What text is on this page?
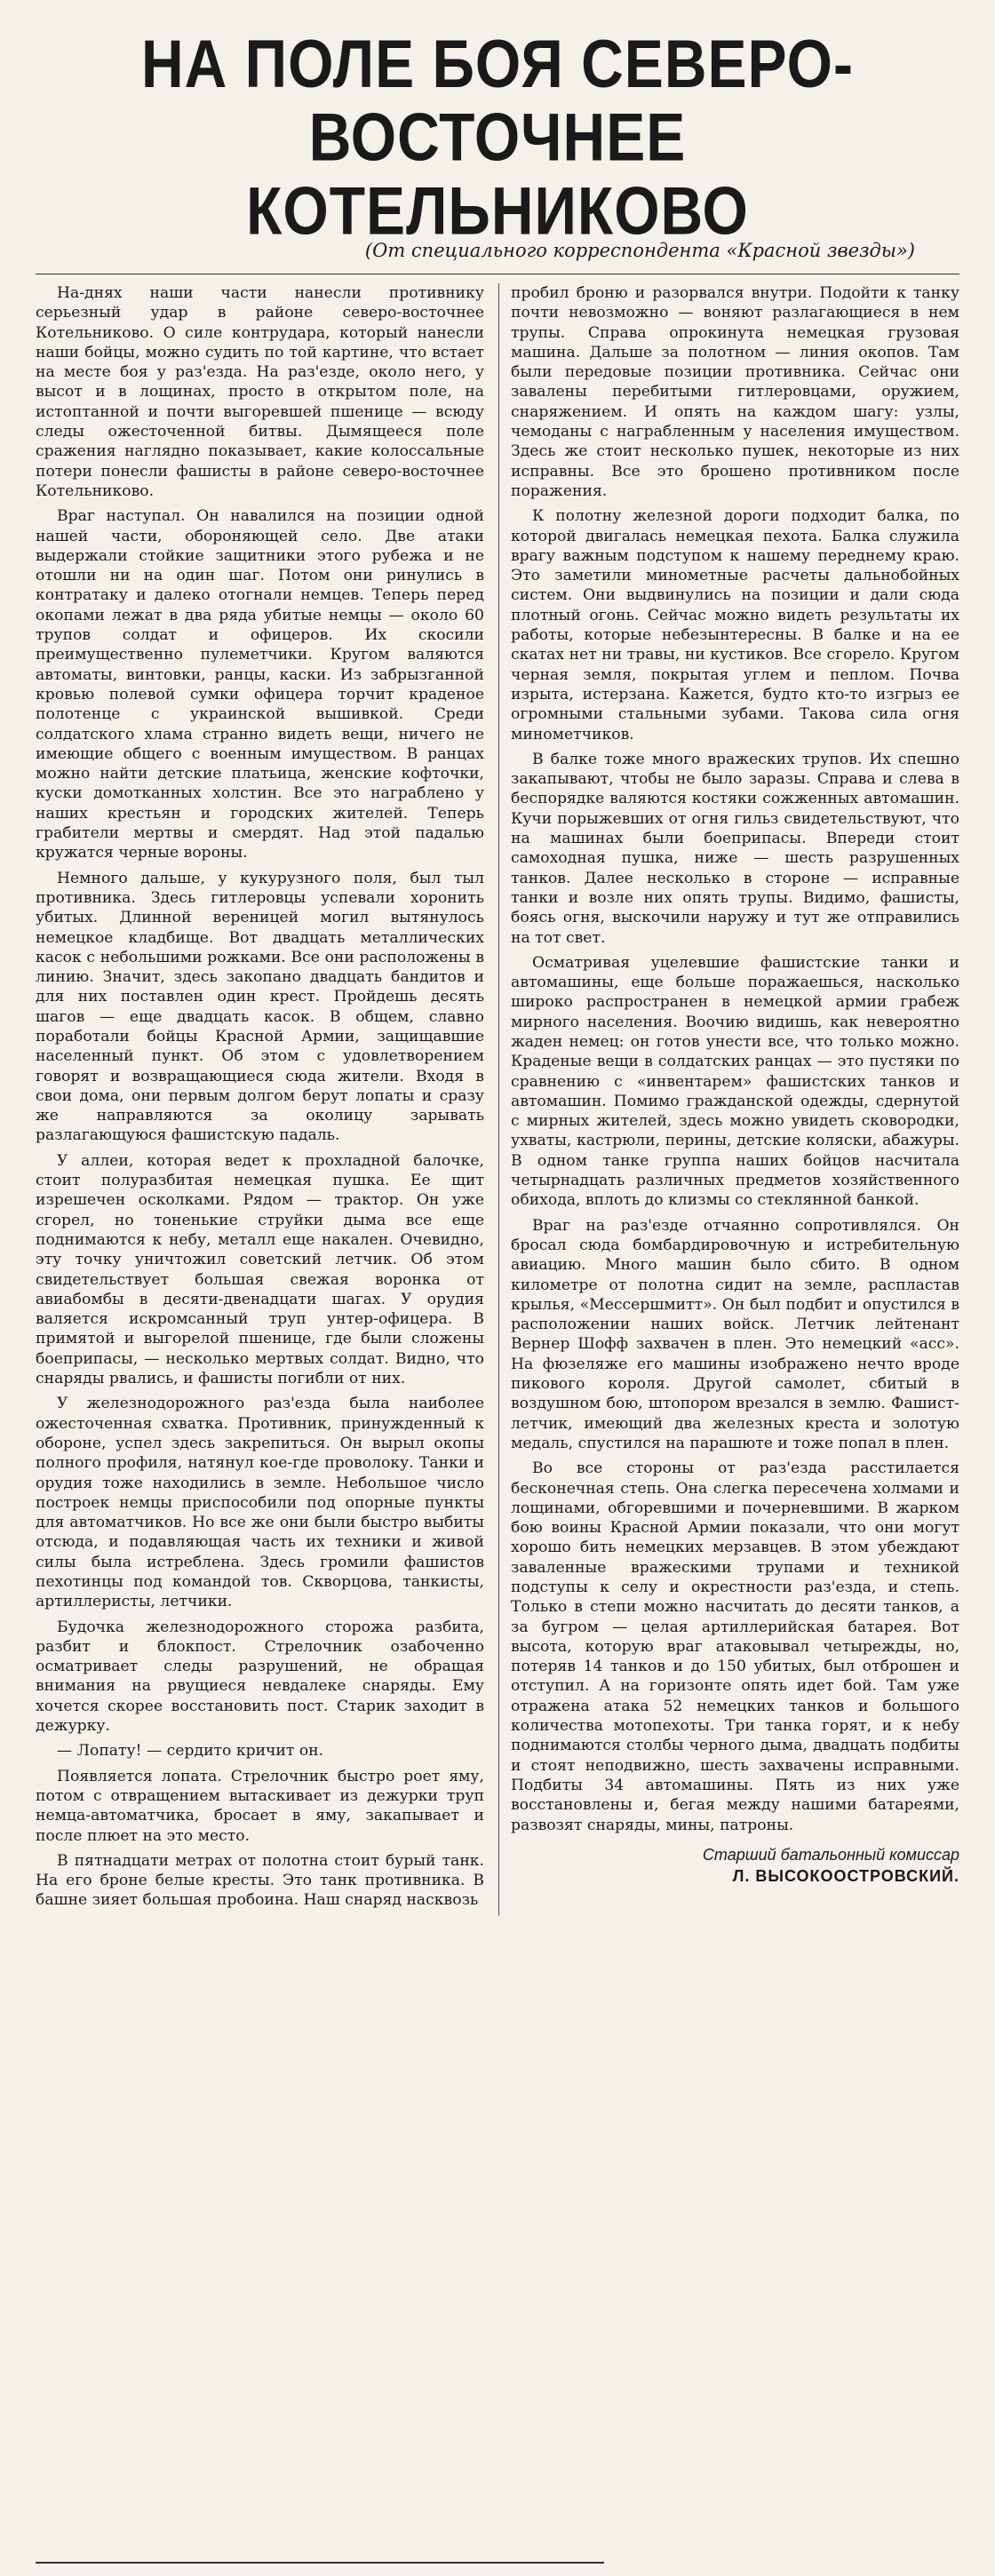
НА ПОЛЕ БОЯ СЕВЕРО-ВОСТОЧНЕЕ
КОТЕЛЬНИКОВО
(От специального корреспондента «Красной звезды»)

На-днях наши части нанесли противнику серьезный удар в районе северо-восточнее Котельниково. О силе контрудара, который нанесли наши бойцы, можно судить по той картине, что встает на месте боя у раз'езда. На раз'езде, около него, у высот и в лощинах, просто в открытом поле, на истоптанной и почти выгоревшей пшенице — всюду следы ожесточенной битвы. Дымящееся поле сражения наглядно показывает, какие колоссальные потери понесли фашисты в районе северо-восточнее Котельниково.

Враг наступал. Он навалился на позиции одной нашей части, обороняющей село. Две атаки выдержали стойкие защитники этого рубежа и не отошли ни на один шаг. Потом они ринулись в контратаку и далеко отогнали немцев. Теперь перед окопами лежат в два ряда убитые немцы — около 60 трупов солдат и офицеров. Их скосили преимущественно пулеметчики. Кругом валяются автоматы, винтовки, ранцы, каски. Из забрызганной кровью полевой сумки офицера торчит краденое полотенце с украинской вышивкой. Среди солдатского хлама странно видеть вещи, ничего не имеющие общего с военным имуществом. В ранцах можно найти детские платьица, женские кофточки, куски домотканных холстин. Все это награблено у наших крестьян и городских жителей. Теперь грабители мертвы и смердят. Над этой падалью кружатся черные вороны.

Немного дальше, у кукурузного поля, был тыл противника. Здесь гитлеровцы успевали хоронить убитых. Длинной вереницей могил вытянулось немецкое кладбище. Вот двадцать металлических касок с небольшими рожками. Все они расположены в линию. Значит, здесь закопано двадцать бандитов и для них поставлен один крест. Пройдешь десять шагов — еще двадцать касок. В общем, славно поработали бойцы Красной Армии, защищавшие населенный пункт. Об этом с удовлетворением говорят и возвращающиеся сюда жители. Входя в свои дома, они первым долгом берут лопаты и сразу же направляются за околицу зарывать разлагающуюся фашистскую падаль.

У аллеи, которая ведет к прохладной балочке, стоит полуразбитая немецкая пушка. Ее щит изрешечен осколками. Рядом — трактор. Он уже сгорел, но тоненькие струйки дыма все еще поднимаются к небу, металл еще накален. Очевидно, эту точку уничтожил советский летчик. Об этом свидетельствует большая свежая воронка от авиабомбы в десяти-двенадцати шагах. У орудия валяется искромсанный труп унтер-офицера. В примятой и выгорелой пшенице, где были сложены боеприпасы, — несколько мертвых солдат. Видно, что снаряды рвались, и фашисты погибли от них.

У железнодорожного раз'езда была наиболее ожесточенная схватка. Противник, принужденный к обороне, успел здесь закрепиться. Он вырыл окопы полного профиля, натянул кое-где проволоку. Танки и орудия тоже находились в земле. Небольшое число построек немцы приспособили под опорные пункты для автоматчиков. Но все же они были быстро выбиты отсюда, и подавляющая часть их техники и живой силы была истреблена. Здесь громили фашистов пехотинцы под командой тов. Скворцова, танкисты, артиллеристы, летчики.

Будочка железнодорожного сторожа разбита, разбит и блокпост. Стрелочник озабоченно осматривает следы разрушений, не обращая внимания на рвущиеся невдалеке снаряды. Ему хочется скорее восстановить пост. Старик заходит в дежурку.

— Лопату! — сердито кричит он.

Появляется лопата. Стрелочник быстро роет яму, потом с отвращением вытаскивает из дежурки труп немца-автоматчика, бросает в яму, закапывает и после плюет на это место.

В пятнадцати метрах от полотна стоит бурый танк. На его броне белые кресты. Это танк противника. В башне зияет большая пробоина. Наш снаряд насквозь

пробил броню и разорвался внутри. Подойти к танку почти невозможно — воняют разлагающиеся в нем трупы. Справа опрокинута немецкая грузовая машина. Дальше за полотном — линия окопов. Там были передовые позиции противника. Сейчас они завалены перебитыми гитлеровцами, оружием, снаряжением. И опять на каждом шагу: узлы, чемоданы с награбленным у населения имуществом. Здесь же стоит несколько пушек, некоторые из них исправны. Все это брошено противником после поражения.

К полотну железной дороги подходит балка, по которой двигалась немецкая пехота. Балка служила врагу важным подступом к нашему переднему краю. Это заметили минометные расчеты дальнобойных систем. Они выдвинулись на позиции и дали сюда плотный огонь. Сейчас можно видеть результаты их работы, которые небезынтересны. В балке и на ее скатах нет ни травы, ни кустиков. Все сгорело. Кругом черная земля, покрытая углем и пеплом. Почва изрыта, истерзана. Кажется, будто кто-то изгрыз ее огромными стальными зубами. Такова сила огня минометчиков.

В балке тоже много вражеских трупов. Их спешно закапывают, чтобы не было заразы. Справа и слева в беспорядке валяются костяки сожженных автомашин. Кучи порыжевших от огня гильз свидетельствуют, что на машинах были боеприпасы. Впереди стоит самоходная пушка, ниже — шесть разрушенных танков. Далее несколько в стороне — исправные танки и возле них опять трупы. Видимо, фашисты, боясь огня, выскочили наружу и тут же отправились на тот свет.

Осматривая уцелевшие фашистские танки и автомашины, еще больше поражаешься, насколько широко распространен в немецкой армии грабеж мирного населения. Воочию видишь, как невероятно жаден немец: он готов унести все, что только можно. Краденые вещи в солдатских ранцах — это пустяки по сравнению с «инвентарем» фашистских танков и автомашин. Помимо гражданской одежды, сдернутой с мирных жителей, здесь можно увидеть сковородки, ухваты, кастрюли, перины, детские коляски, абажуры. В одном танке группа наших бойцов насчитала четырнадцать различных предметов хозяйственного обихода, вплоть до клизмы со стеклянной банкой.

Враг на раз'езде отчаянно сопротивлялся. Он бросал сюда бомбардировочную и истребительную авиацию. Много машин было сбито. В одном километре от полотна сидит на земле, распластав крылья, «Мессершмитт». Он был подбит и опустился в расположении наших войск. Летчик лейтенант Вернер Шофф захвачен в плен. Это немецкий «асс». На фюзеляже его машины изображено нечто вроде пикового короля. Другой самолет, сбитый в воздушном бою, штопором врезался в землю. Фашист-летчик, имеющий два железных креста и золотую медаль, спустился на парашюте и тоже попал в плен.

Во все стороны от раз'езда расстилается бесконечная степь. Она слегка пересечена холмами и лощинами, обгоревшими и почерневшими. В жарком бою воины Красной Армии показали, что они могут хорошо бить немецких мерзавцев. В этом убеждают заваленные вражескими трупами и техникой подступы к селу и окрестности раз'езда, и степь. Только в степи можно насчитать до десяти танков, а за бугром — целая артиллерийская батарея. Вот высота, которую враг атаковывал четырежды, но, потеряв 14 танков и до 150 убитых, был отброшен и отступил. А на горизонте опять идет бой. Там уже отражена атака 52 немецких танков и большого количества мотопехоты. Три танка горят, и к небу поднимаются столбы черного дыма, двадцать подбиты и стоят неподвижно, шесть захвачены исправными. Подбиты 34 автомашины. Пять из них уже восстановлены и, бегая между нашими батареями, развозят снаряды, мины, патроны.

Старший батальонный комиссар
Л. ВЫСОКООСТРОВСКИЙ.
